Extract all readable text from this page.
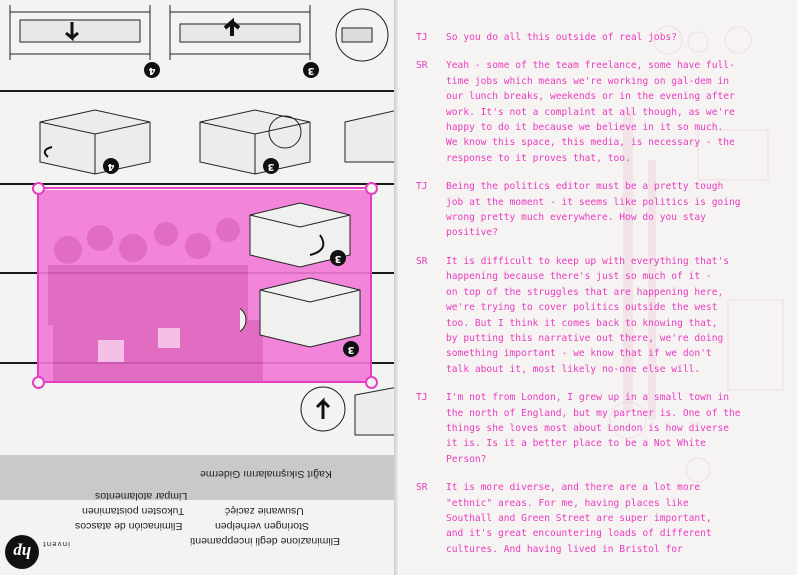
4	3
4	3
3
3
Kağıt Sıkışmalarını Giderme
Usuwanie zacięć
Storingen verhelpen
Eliminazione degli inceppamenti
Limpar atolamentos
Tukosten poistaminen
Eliminación de atascos
hp	invent
TJ	So you do all this outside of real jobs?
SR	Yeah - some of the team freelance, some have full-
time jobs which means we're working on gal-dem in
our lunch breaks, weekends or in the evening after
work. It's not a complaint at all though, as we're
happy to do it because we believe in it so much.
We know this space, this media, is necessary - the
response to it proves that, too.
TJ	Being the politics editor must be a pretty tough
job at the moment - it seems like politics is going
wrong pretty much everywhere. How do you stay
positive?
SR	It is difficult to keep up with everything that's
happening because there's just so much of it -
on top of the struggles that are happening here,
we're trying to cover politics outside the west
too. But I think it comes back to knowing that,
by putting this narrative out there, we're doing
something important - we know that if we don't
talk about it, most likely no-one else will.
TJ	I'm not from London, I grew up in a small town in
the north of England, but my partner is. One of the
things she loves most about London is how diverse
it is. Is it a better place to be a Not White
Person?
SR	It is more diverse, and there are a lot more
"ethnic" areas. For me, having places like
Southall and Green Street are super important,
and it's great encountering loads of different
cultures. And having lived in Bristol for
